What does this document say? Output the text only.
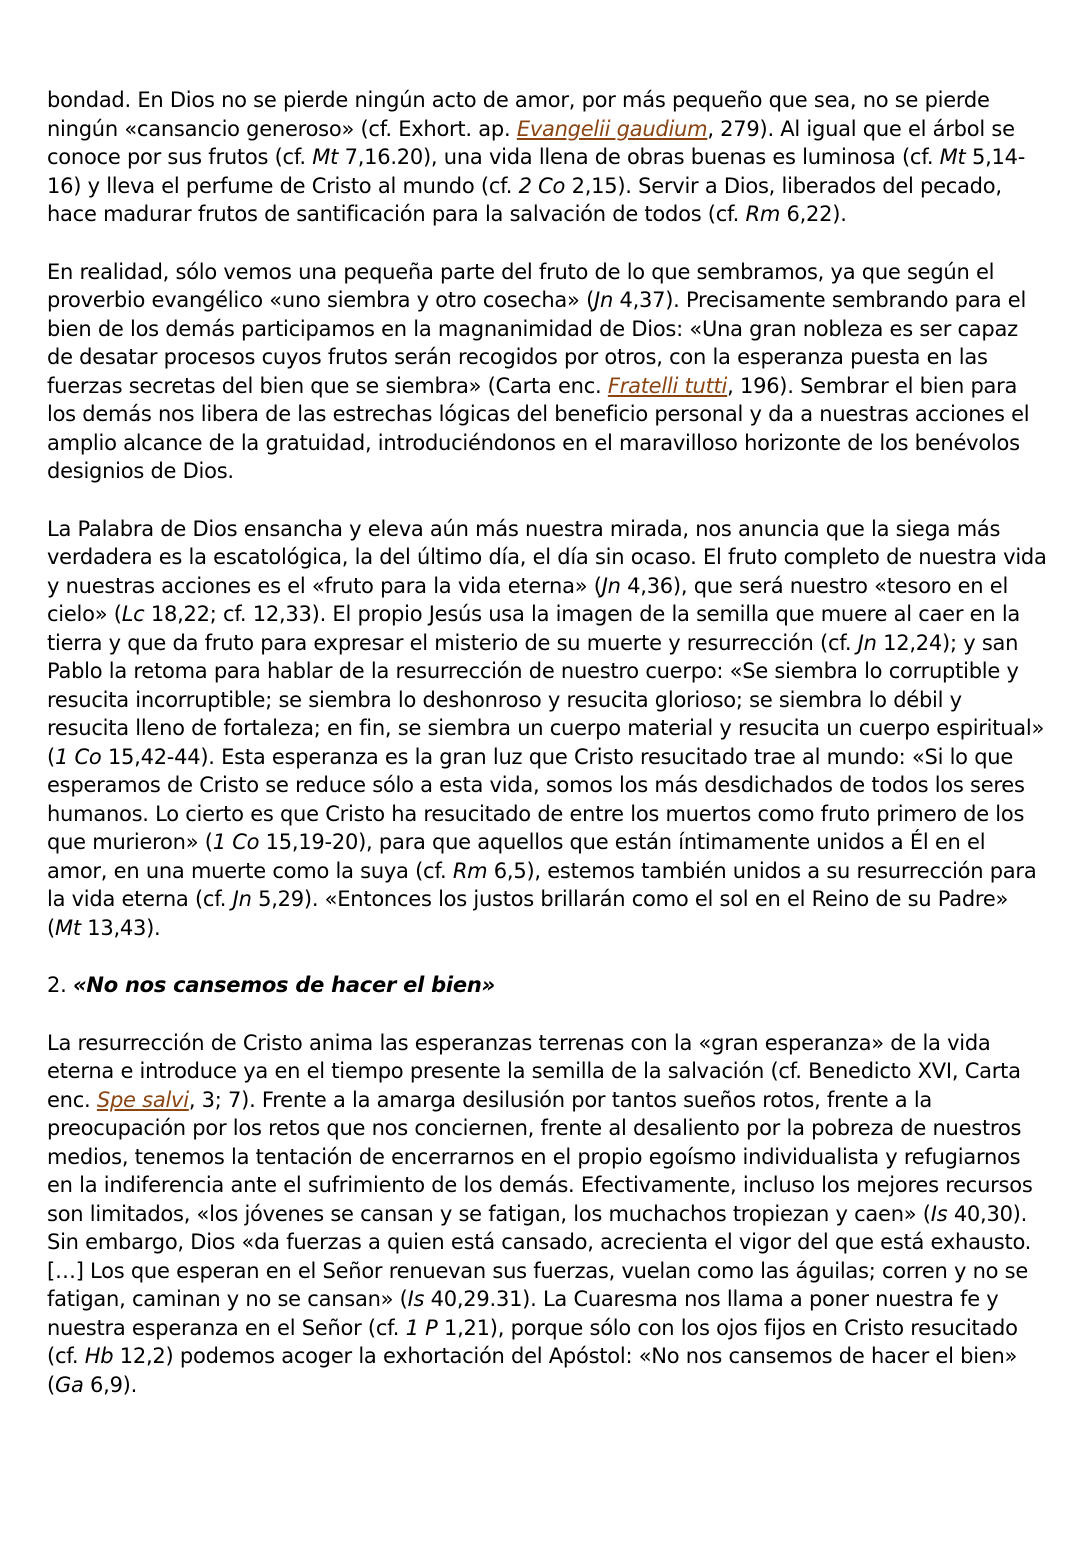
bondad. En Dios no se pierde ningún acto de amor, por más pequeño que sea, no se pierde ningún «cansancio generoso» (cf. Exhort. ap. Evangelii gaudium, 279). Al igual que el árbol se conoce por sus frutos (cf. Mt 7,16.20), una vida llena de obras buenas es luminosa (cf. Mt 5,14-16) y lleva el perfume de Cristo al mundo (cf. 2 Co 2,15). Servir a Dios, liberados del pecado, hace madurar frutos de santificación para la salvación de todos (cf. Rm 6,22).

En realidad, sólo vemos una pequeña parte del fruto de lo que sembramos, ya que según el proverbio evangélico «uno siembra y otro cosecha» (Jn 4,37). Precisamente sembrando para el bien de los demás participamos en la magnanimidad de Dios: «Una gran nobleza es ser capaz de desatar procesos cuyos frutos serán recogidos por otros, con la esperanza puesta en las fuerzas secretas del bien que se siembra» (Carta enc. Fratelli tutti, 196). Sembrar el bien para los demás nos libera de las estrechas lógicas del beneficio personal y da a nuestras acciones el amplio alcance de la gratuidad, introduciéndonos en el maravilloso horizonte de los benévolos designios de Dios.

La Palabra de Dios ensancha y eleva aún más nuestra mirada, nos anuncia que la siega más verdadera es la escatológica, la del último día, el día sin ocaso. El fruto completo de nuestra vida y nuestras acciones es el «fruto para la vida eterna» (Jn 4,36), que será nuestro «tesoro en el cielo» (Lc 18,22; cf. 12,33). El propio Jesús usa la imagen de la semilla que muere al caer en la tierra y que da fruto para expresar el misterio de su muerte y resurrección (cf. Jn 12,24); y san Pablo la retoma para hablar de la resurrección de nuestro cuerpo: «Se siembra lo corruptible y resucita incorruptible; se siembra lo deshonroso y resucita glorioso; se siembra lo débil y resucita lleno de fortaleza; en fin, se siembra un cuerpo material y resucita un cuerpo espiritual» (1 Co 15,42-44). Esta esperanza es la gran luz que Cristo resucitado trae al mundo: «Si lo que esperamos de Cristo se reduce sólo a esta vida, somos los más desdichados de todos los seres humanos. Lo cierto es que Cristo ha resucitado de entre los muertos como fruto primero de los que murieron» (1 Co 15,19-20), para que aquellos que están íntimamente unidos a Él en el amor, en una muerte como la suya (cf. Rm 6,5), estemos también unidos a su resurrección para la vida eterna (cf. Jn 5,29). «Entonces los justos brillarán como el sol en el Reino de su Padre» (Mt 13,43).

2. «No nos cansemos de hacer el bien»

La resurrección de Cristo anima las esperanzas terrenas con la «gran esperanza» de la vida eterna e introduce ya en el tiempo presente la semilla de la salvación (cf. Benedicto XVI, Carta enc. Spe salvi, 3; 7). Frente a la amarga desilusión por tantos sueños rotos, frente a la preocupación por los retos que nos conciernen, frente al desaliento por la pobreza de nuestros medios, tenemos la tentación de encerrarnos en el propio egoísmo individualista y refugiarnos en la indiferencia ante el sufrimiento de los demás. Efectivamente, incluso los mejores recursos son limitados, «los jóvenes se cansan y se fatigan, los muchachos tropiezan y caen» (Is 40,30). Sin embargo, Dios «da fuerzas a quien está cansado, acrecienta el vigor del que está exhausto. […] Los que esperan en el Señor renuevan sus fuerzas, vuelan como las águilas; corren y no se fatigan, caminan y no se cansan» (Is 40,29.31). La Cuaresma nos llama a poner nuestra fe y nuestra esperanza en el Señor (cf. 1 P 1,21), porque sólo con los ojos fijos en Cristo resucitado (cf. Hb 12,2) podemos acoger la exhortación del Apóstol: «No nos cansemos de hacer el bien» (Ga 6,9).
